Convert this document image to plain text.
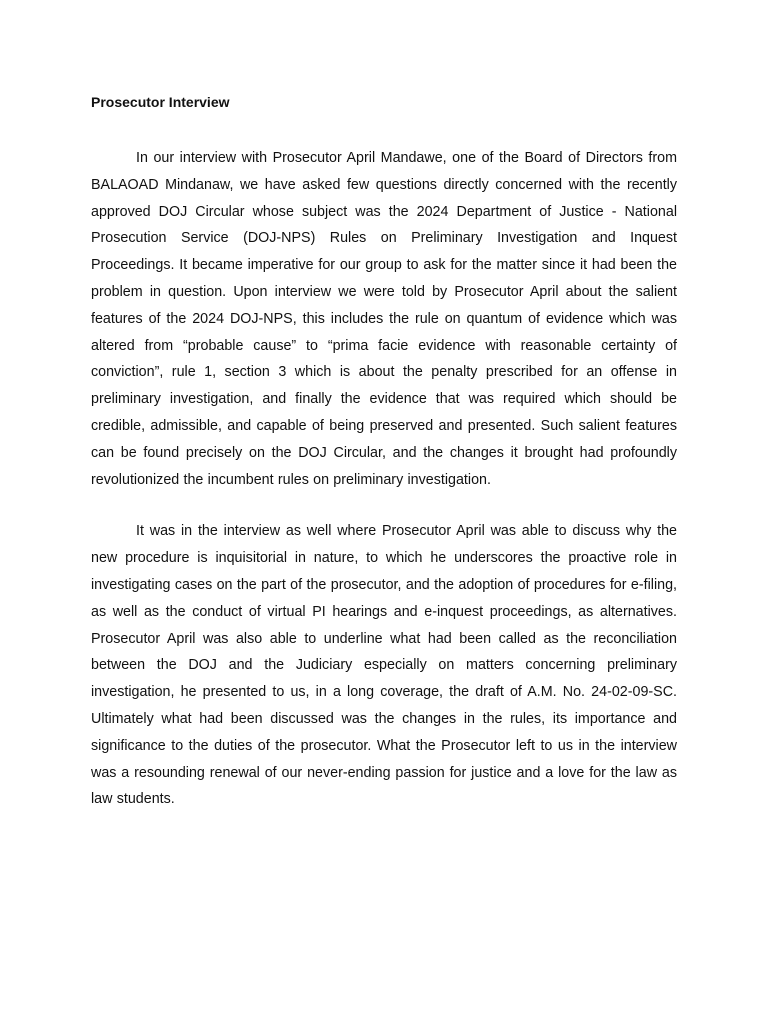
Prosecutor Interview

In our interview with Prosecutor April Mandawe, one of the Board of Directors from BALAOAD Mindanaw, we have asked few questions directly concerned with the recently approved DOJ Circular whose subject was the 2024 Department of Justice - National Prosecution Service (DOJ-NPS) Rules on Preliminary Investigation and Inquest Proceedings. It became imperative for our group to ask for the matter since it had been the problem in question. Upon interview we were told by Prosecutor April about the salient features of the 2024 DOJ-NPS, this includes the rule on quantum of evidence which was altered from “probable cause” to “prima facie evidence with reasonable certainty of conviction”, rule 1, section 3 which is about the penalty prescribed for an offense in preliminary investigation, and finally the evidence that was required which should be credible, admissible, and capable of being preserved and presented. Such salient features can be found precisely on the DOJ Circular, and the changes it brought had profoundly revolutionized the incumbent rules on preliminary investigation.

It was in the interview as well where Prosecutor April was able to discuss why the new procedure is inquisitorial in nature, to which he underscores the proactive role in investigating cases on the part of the prosecutor, and the adoption of procedures for e-filing, as well as the conduct of virtual PI hearings and e-inquest proceedings, as alternatives. Prosecutor April was also able to underline what had been called as the reconciliation between the DOJ and the Judiciary especially on matters concerning preliminary investigation, he presented to us, in a long coverage, the draft of A.M. No. 24-02-09-SC. Ultimately what had been discussed was the changes in the rules, its importance and significance to the duties of the prosecutor. What the Prosecutor left to us in the interview was a resounding renewal of our never-ending passion for justice and a love for the law as law students.
